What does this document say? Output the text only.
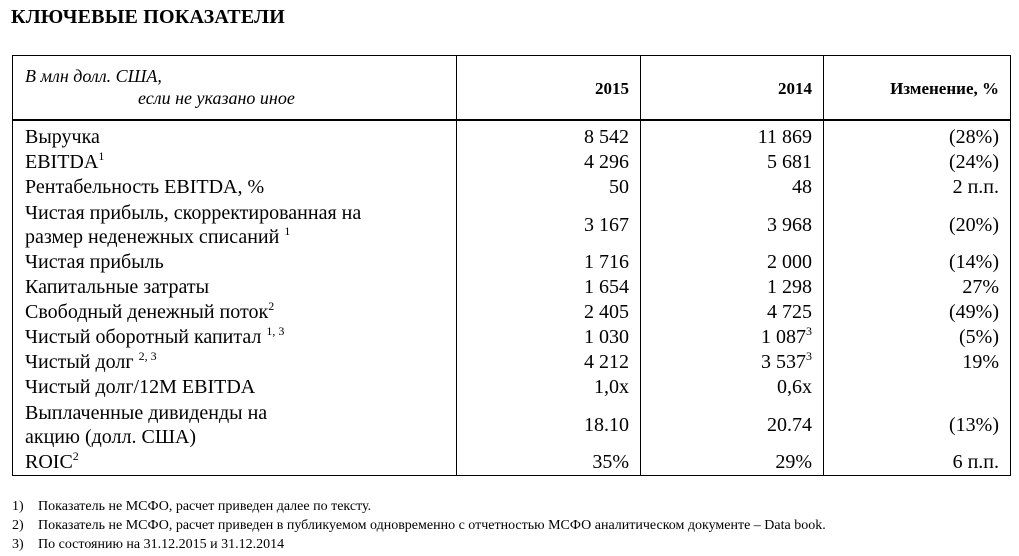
КЛЮЧЕВЫЕ ПОКАЗАТЕЛИ
В млн долл. США,
если не указано иное	2015	2014	Изменение, %
Выручка	8 542	11 869	(28%)
EBITDA$^1$	4 296	5 681	(24%)
Рентабельность EBITDA, %	50	48	2 п.п.
Чистая прибыль, скорректированная на
размер неденежных списаний $^1$	3 167	3 968	(20%)
Чистая прибыль	1 716	2 000	(14%)
Капитальные затраты	1 654	1 298	27%
Свободный денежный поток$^2$	2 405	4 725	(49%)
Чистый оборотный капитал $^{1, 3}$	1 030	1 $087^3$	(5%)
Чистый долг $^{2, 3}$	4 212	3 $537^3$	19%
Чистый долг/12M EBITDA	1,0x	0,6x	
Выплаченные дивиденды на
акцию (долл. США)	18.10	20.74	(13%)
ROIC$^2$	35%	29%	6 п.п.
1) Показатель не МСФО, расчет приведен далее по тексту.
2) Показатель не МСФО, расчет приведен в публикуемом одновременно с отчетностью МСФО аналитическом документе – Data book.
3) По состоянию на 31.12.2015 и 31.12.2014
